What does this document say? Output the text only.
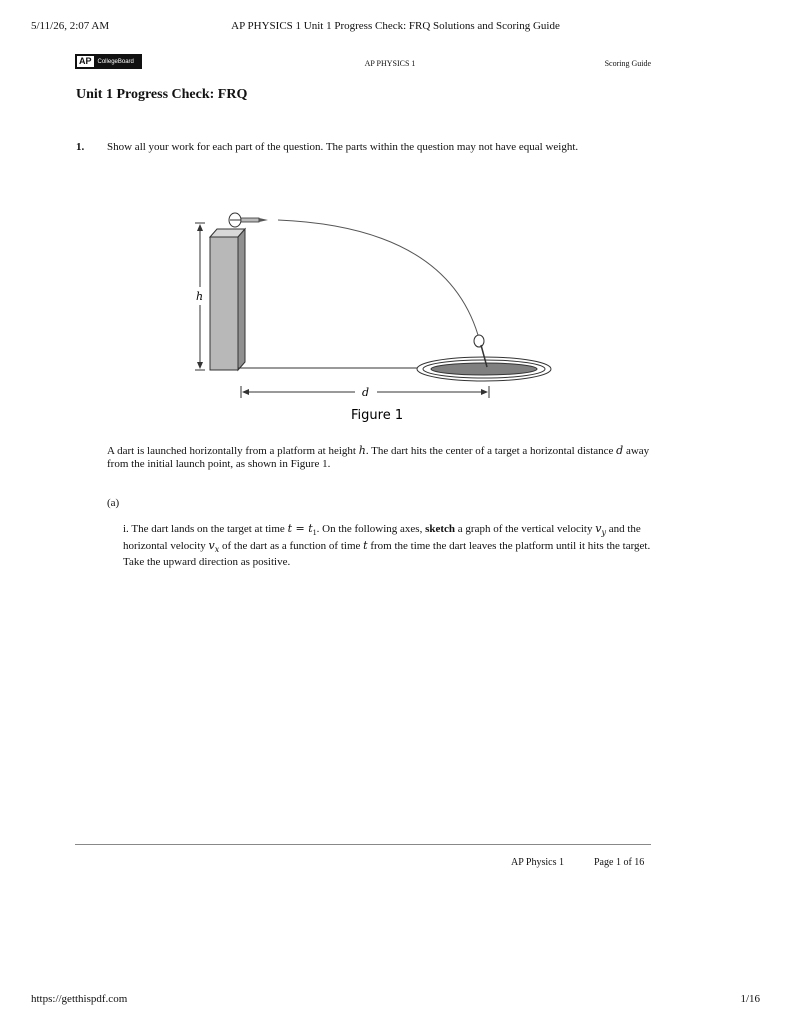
5/11/26, 2:07 AM	AP PHYSICS 1 Unit 1 Progress Check: FRQ Solutions and Scoring Guide
AP	CollegeBoard	AP PHYSICS 1	Scoring Guide
Unit 1 Progress Check: FRQ
1. Show all your work for each part of the question. The parts within the question may not have equal weight.
h
d
Figure 1
A dart is launched horizontally from a platform at height h. The dart hits the center of a target a horizontal distance d away from the initial launch point, as shown in Figure 1.
(a)
i. The dart lands on the target at time $t = t_1$. On the following axes, sketch a graph of the vertical velocity $v_y$ and the horizontal velocity $v_x$ of the dart as a function of time t from the time the dart leaves the platform until it hits the target. Take the upward direction as positive.
AP Physics 1	Page 1 of 16
https://getthispdf.com	1/16
